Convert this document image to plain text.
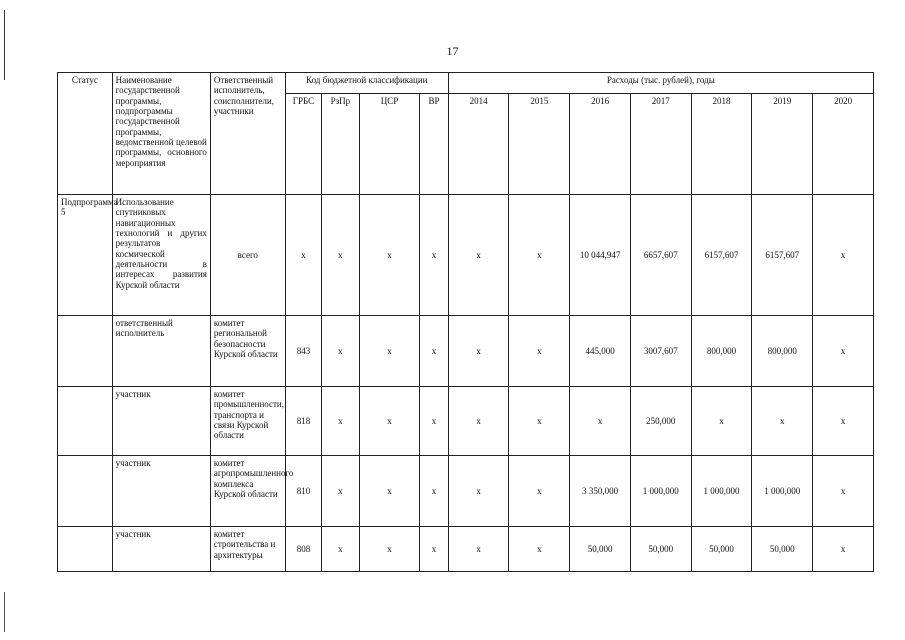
17
Статус	Наименование государственной программы, подпрограммы государственной программы, ведомственной целевой программы, основного мероприятия	Ответственный исполнитель, соисполнители, участники	Код бюджетной классификации				Расходы (тыс. рублей), годы						
			ГРБС	РзПр	ЦСР	ВР	2014	2015	2016	2017	2018	2019	2020
Подпрограмма 5	Использование спутниковых навигационных технологий и других результатов космической деятельности в интересах развития Курской области	всего	x	x	x	x	x	x	10 044,947	6657,607	6157,607	6157,607	x
	ответственный исполнитель	комитет региональной безопасности Курской области	843	x	x	x	x	x	445,000	3007,607	800,000	800,000	x
	участник	комитет промышленности, транспорта и связи Курской области	818	x	x	x	x	x	x	250,000	x	x	x
	участник	комитет агропромышленного комплекса Курской области	810	x	x	x	x	x	3 350,000	1 000,000	1 000,000	1 000,000	x
	участник	комитет строительства и архитектуры	808	x	x	x	x	x	50,000	50,000	50,000	50,000	x
